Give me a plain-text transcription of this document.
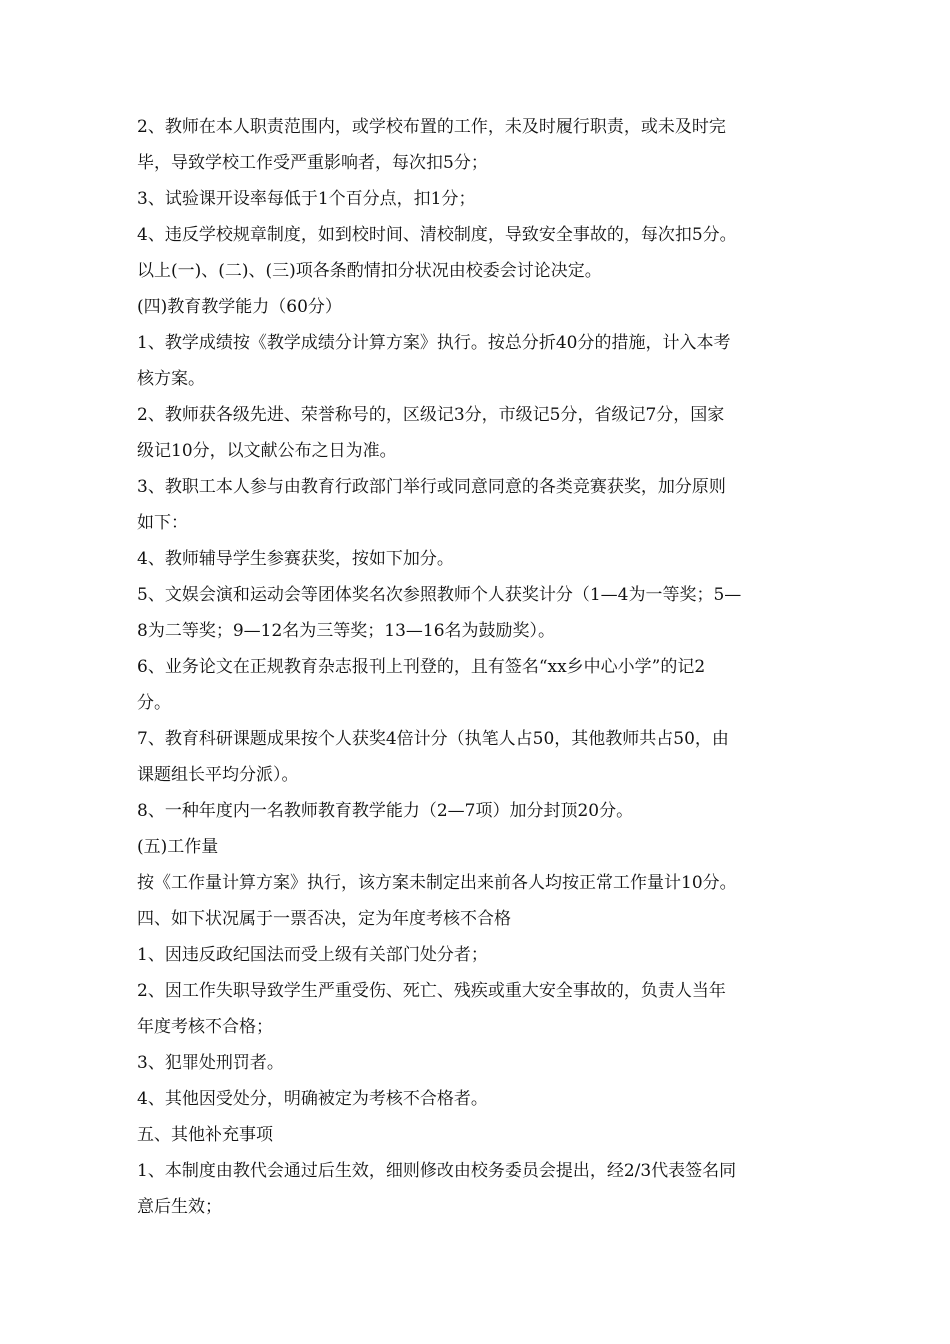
2、教师在本人职责范围内，或学校布置的工作，未及时履行职责，或未及时完
毕，导致学校工作受严重影响者，每次扣5分；
3、试验课开设率每低于1个百分点，扣1分；
4、违反学校规章制度，如到校时间、清校制度，导致安全事故的，每次扣5分。
以上(一)、(二)、(三)项各条酌情扣分状况由校委会讨论决定。
(四)教育教学能力（60分）
1、教学成绩按《教学成绩分计算方案》执行。按总分折40分的措施，计入本考
核方案。
2、教师获各级先进、荣誉称号的，区级记3分，市级记5分，省级记7分，国家
级记10分，以文献公布之日为准。
3、教职工本人参与由教育行政部门举行或同意同意的各类竞赛获奖，加分原则
如下：
4、教师辅导学生参赛获奖，按如下加分。
5、文娱会演和运动会等团体奖名次参照教师个人获奖计分（1—4为一等奖；5—
8为二等奖；9—12名为三等奖；13—16名为鼓励奖）。
6、业务论文在正规教育杂志报刊上刊登的，且有签名“xx乡中心小学”的记2
分。
7、教育科研课题成果按个人获奖4倍计分（执笔人占50，其他教师共占50，由
课题组长平均分派）。
8、一种年度内一名教师教育教学能力（2—7项）加分封顶20分。
(五)工作量
按《工作量计算方案》执行，该方案未制定出来前各人均按正常工作量计10分。
四、如下状况属于一票否决，定为年度考核不合格
1、因违反政纪国法而受上级有关部门处分者；
2、因工作失职导致学生严重受伤、死亡、残疾或重大安全事故的，负责人当年
年度考核不合格；
3、犯罪处刑罚者。
4、其他因受处分，明确被定为考核不合格者。
五、其他补充事项
1、本制度由教代会通过后生效，细则修改由校务委员会提出，经2/3代表签名同
意后生效；
